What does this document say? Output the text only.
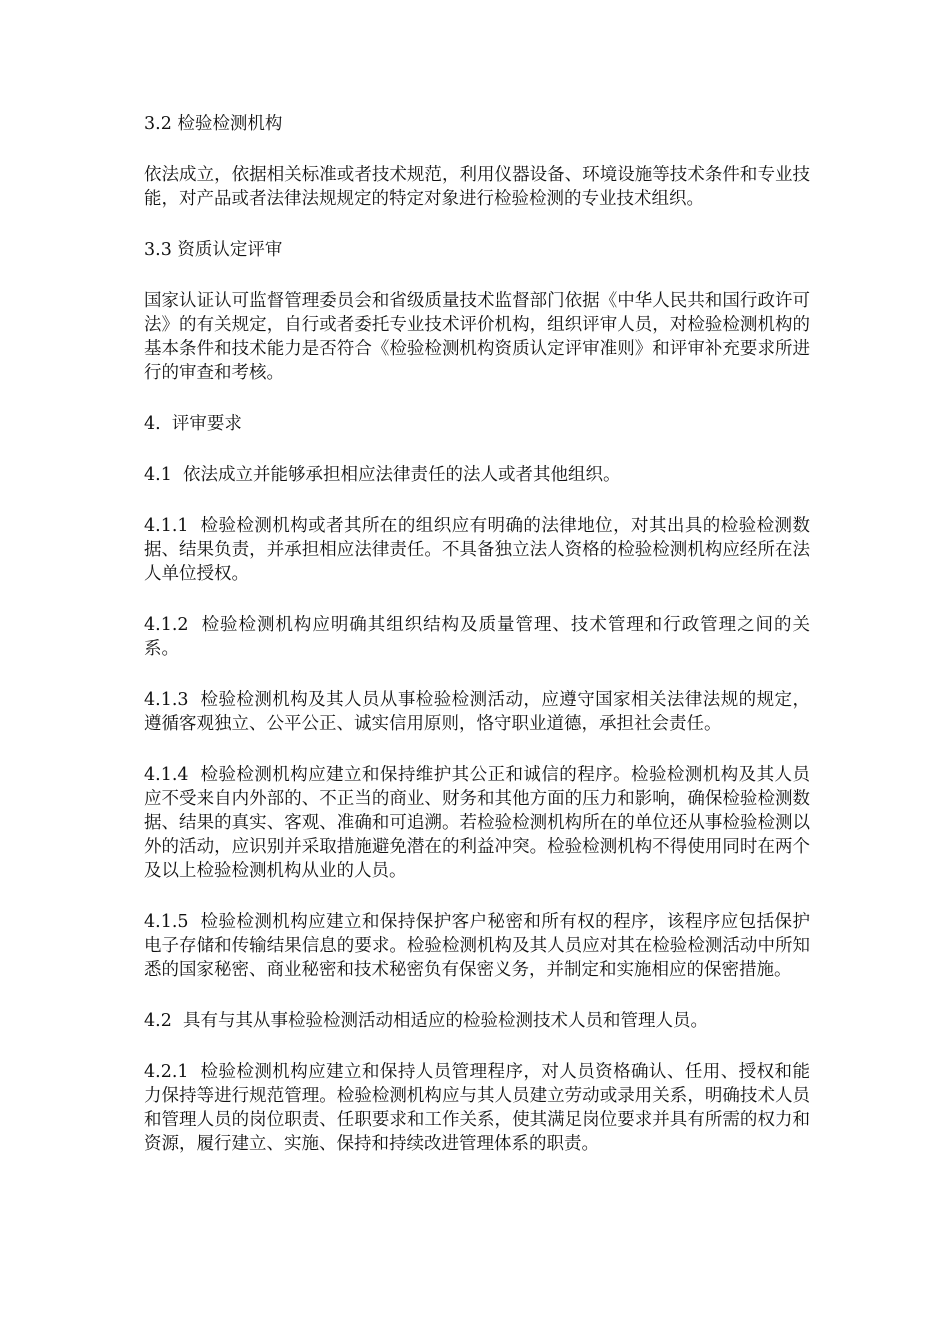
3.2 检验检测机构
依法成立，依据相关标准或者技术规范，利用仪器设备、环境设施等技术条件和专业技能，对产品或者法律法规规定的特定对象进行检验检测的专业技术组织。
3.3 资质认定评审
国家认证认可监督管理委员会和省级质量技术监督部门依据《中华人民共和国行政许可法》的有关规定，自行或者委托专业技术评价机构，组织评审人员，对检验检测机构的基本条件和技术能力是否符合《检验检测机构资质认定评审准则》和评审补充要求所进行的审查和考核。
4.  评审要求
4.1  依法成立并能够承担相应法律责任的法人或者其他组织。
4.1.1  检验检测机构或者其所在的组织应有明确的法律地位，对其出具的检验检测数据、结果负责，并承担相应法律责任。不具备独立法人资格的检验检测机构应经所在法人单位授权。
4.1.2  检验检测机构应明确其组织结构及质量管理、技术管理和行政管理之间的关系。
4.1.3  检验检测机构及其人员从事检验检测活动，应遵守国家相关法律法规的规定，遵循客观独立、公平公正、诚实信用原则，恪守职业道德，承担社会责任。
4.1.4  检验检测机构应建立和保持维护其公正和诚信的程序。检验检测机构及其人员应不受来自内外部的、不正当的商业、财务和其他方面的压力和影响，确保检验检测数据、结果的真实、客观、准确和可追溯。若检验检测机构所在的单位还从事检验检测以外的活动，应识别并采取措施避免潜在的利益冲突。检验检测机构不得使用同时在两个及以上检验检测机构从业的人员。
4.1.5  检验检测机构应建立和保持保护客户秘密和所有权的程序，该程序应包括保护电子存储和传输结果信息的要求。检验检测机构及其人员应对其在检验检测活动中所知悉的国家秘密、商业秘密和技术秘密负有保密义务，并制定和实施相应的保密措施。
4.2  具有与其从事检验检测活动相适应的检验检测技术人员和管理人员。
4.2.1  检验检测机构应建立和保持人员管理程序，对人员资格确认、任用、授权和能力保持等进行规范管理。检验检测机构应与其人员建立劳动或录用关系，明确技术人员和管理人员的岗位职责、任职要求和工作关系，使其满足岗位要求并具有所需的权力和资源，履行建立、实施、保持和持续改进管理体系的职责。
